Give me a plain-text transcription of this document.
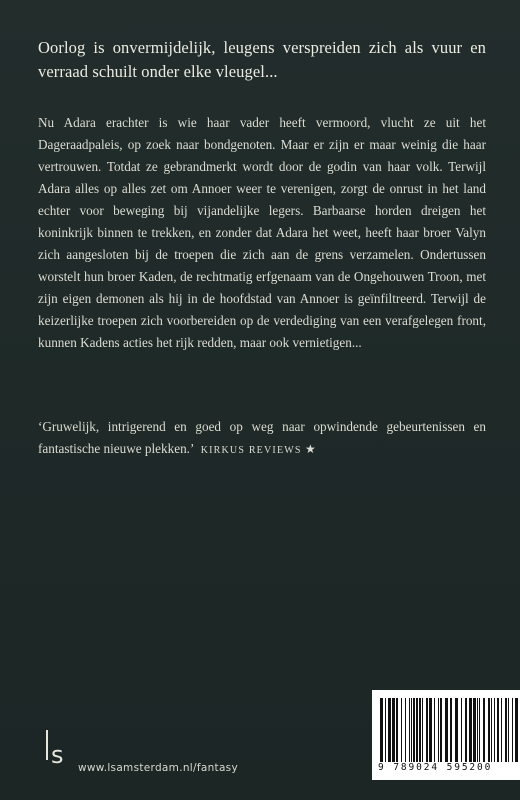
Oorlog is onvermijdelijk, leugens verspreiden zich als vuur en verraad schuilt onder elke vleugel...

Nu Adara erachter is wie haar vader heeft vermoord, vlucht ze uit het Dageraadpaleis, op zoek naar bondgenoten. Maar er zijn er maar weinig die haar vertrouwen. Totdat ze gebrandmerkt wordt door de godin van haar volk. Terwijl Adara alles op alles zet om Annoer weer te verenigen, zorgt de onrust in het land echter voor beweging bij vijandelijke legers. Barbaarse horden dreigen het koninkrijk binnen te trekken, en zonder dat Adara het weet, heeft haar broer Valyn zich aangesloten bij de troepen die zich aan de grens verzamelen. Ondertussen worstelt hun broer Kaden, de rechtmatig erfgenaam van de Ongehouwen Troon, met zijn eigen demonen als hij in de hoofdstad van Annoer is geïnfiltreerd. Terwijl de keizerlijke troepen zich voorbereiden op de verdediging van een verafgelegen front, kunnen Kadens acties het rijk redden, maar ook vernietigen...

‘Gruwelijk, intrigerend en goed op weg naar opwindende gebeurtenissen en fantastische nieuwe plekken.’ KIRKUS REVIEWS ★
s www.lsamsterdam.nl/fantasy	9 789024 595200
